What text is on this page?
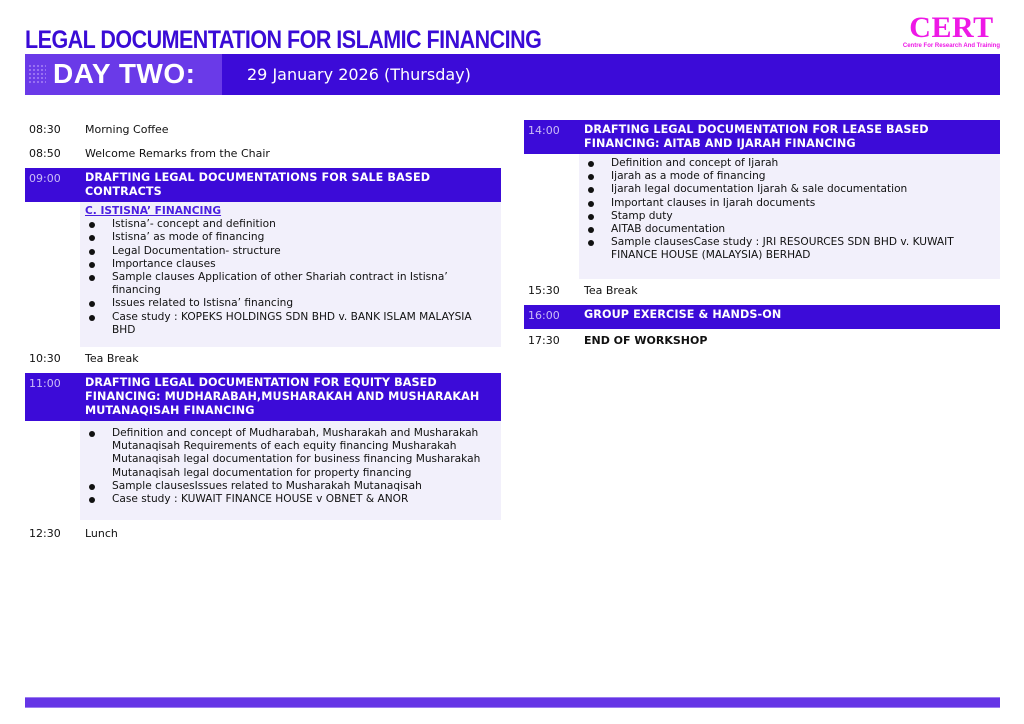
LEGAL DOCUMENTATION FOR ISLAMIC FINANCING	CERT
Centre For Research And Training
DAY TWO:	29 January 2026 (Thursday)
08:30 Morning Coffee
08:50 Welcome Remarks from the Chair
09:00 DRAFTING LEGAL DOCUMENTATIONS FOR SALE BASED CONTRACTS
C. ISTISNA’ FINANCING
Istisna’- concept and definition
Istisna’ as mode of financing
Legal Documentation- structure
Importance clauses
Sample clauses Application of other Shariah contract in Istisna’ financing
Issues related to Istisna’ financing
Case study : KOPEKS HOLDINGS SDN BHD v. BANK ISLAM MALAYSIA BHD
10:30 Tea Break
11:00 DRAFTING LEGAL DOCUMENTATION FOR EQUITY BASED FINANCING: MUDHARABAH,MUSHARAKAH AND MUSHARAKAH MUTANAQISAH FINANCING
Definition and concept of Mudharabah, Musharakah and Musharakah Mutanaqisah Requirements of each equity financing Musharakah Mutanaqisah legal documentation for business financing Musharakah Mutanaqisah legal documentation for property financing
Sample clausesIssues related to Musharakah Mutanaqisah
Case study : KUWAIT FINANCE HOUSE v OBNET & ANOR
12:30 Lunch
14:00 DRAFTING LEGAL DOCUMENTATION FOR LEASE BASED FINANCING: AITAB AND IJARAH FINANCING
Definition and concept of Ijarah
Ijarah as a mode of financing
Ijarah legal documentation Ijarah & sale documentation
Important clauses in Ijarah documents
Stamp duty
AITAB documentation
Sample clausesCase study : JRI RESOURCES SDN BHD v. KUWAIT FINANCE HOUSE (MALAYSIA) BERHAD
15:30 Tea Break
16:00 GROUP EXERCISE & HANDS-ON
17:30 END OF WORKSHOP
